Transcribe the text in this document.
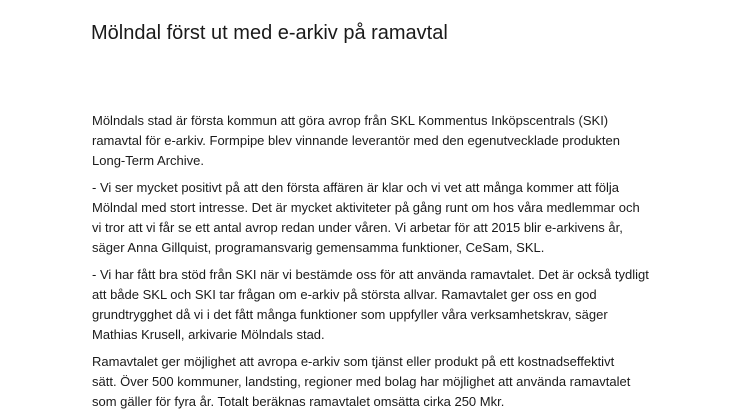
Mölndal först ut med e-arkiv på ramavtal

Mölndals stad är första kommun att göra avrop från SKL Kommentus Inköpscentrals (SKI)
ramavtal för e-arkiv. Formpipe blev vinnande leverantör med den egenutvecklade produkten
Long-Term Archive.

- Vi ser mycket positivt på att den första affären är klar och vi vet att många kommer att följa
Mölndal med stort intresse. Det är mycket aktiviteter på gång runt om hos våra medlemmar och
vi tror att vi får se ett antal avrop redan under våren. Vi arbetar för att 2015 blir e-arkivens år,
säger Anna Gillquist, programansvarig gemensamma funktioner, CeSam, SKL.

- Vi har fått bra stöd från SKI när vi bestämde oss för att använda ramavtalet. Det är också tydligt
att både SKL och SKI tar frågan om e-arkiv på största allvar. Ramavtalet ger oss en god
grundtrygghet då vi i det fått många funktioner som uppfyller våra verksamhetskrav, säger
Mathias Krusell, arkivarie Mölndals stad.

Ramavtalet ger möjlighet att avropa e-arkiv som tjänst eller produkt på ett kostnadseffektivt
sätt. Över 500 kommuner, landsting, regioner med bolag har möjlighet att använda ramavtalet
som gäller för fyra år. Totalt beräknas ramavtalet omsätta cirka 250 Mkr.
